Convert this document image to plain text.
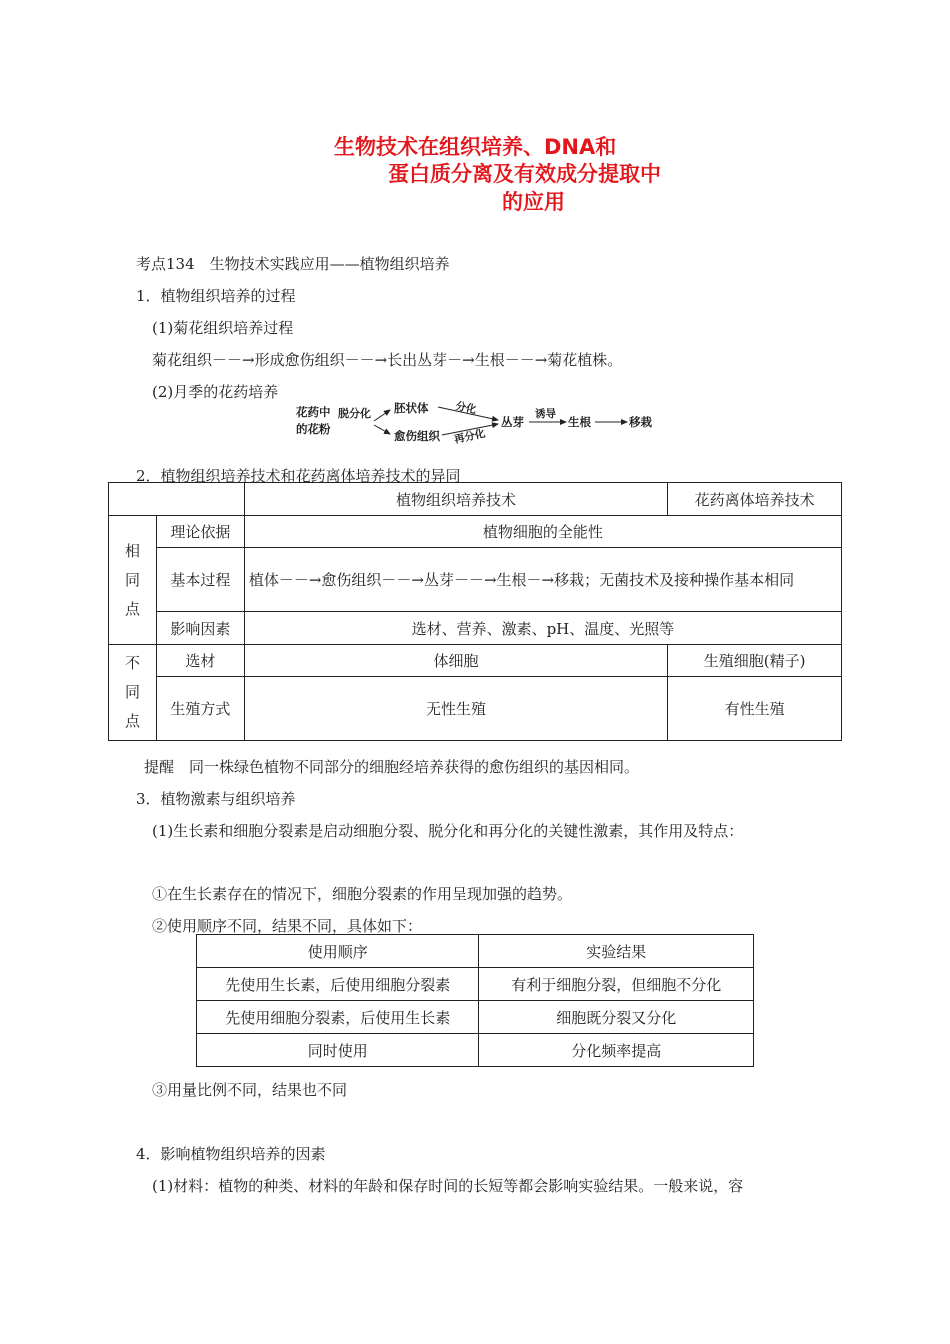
生物技术在组织培养、DNA和
蛋白质分离及有效成分提取中
的应用
考点134　生物技术实践应用——植物组织培养
1．植物组织培养的过程
(1)菊花组织培养过程
菊花组织－－→形成愈伤组织－－→长出丛芽－→生根－－→菊花植株。
(2)月季的花药培养
花药中
的花粉
脱分化 胚状体
愈伤组织
分化
再分化
丛芽
诱导
生根	移栽
2．植物组织培养技术和花药离体培养技术的异同
		植物组织培养技术	花药离体培养技术

相同点	理论依据	植物细胞的全能性	
	基本过程	植体－－→愈伤组织－－→丛芽－－→生根－→移栽；无菌技术及接种操作基本相同	
	影响因素	选材、营养、激素、pH、温度、光照等	

不同点	选材	体细胞	生殖细胞(精子)
	生殖方式	无性生殖	有性生殖
提醒　同一株绿色植物不同部分的细胞经培养获得的愈伤组织的基因相同。
3．植物激素与组织培养
(1)生长素和细胞分裂素是启动细胞分裂、脱分化和再分化的关键性激素，其作用及特点：
①在生长素存在的情况下，细胞分裂素的作用呈现加强的趋势。
②使用顺序不同，结果不同，具体如下：
使用顺序	实验结果
先使用生长素，后使用细胞分裂素	有利于细胞分裂，但细胞不分化
先使用细胞分裂素，后使用生长素	细胞既分裂又分化
同时使用	分化频率提高
③用量比例不同，结果也不同
4．影响植物组织培养的因素
(1)材料：植物的种类、材料的年龄和保存时间的长短等都会影响实验结果。一般来说，容
